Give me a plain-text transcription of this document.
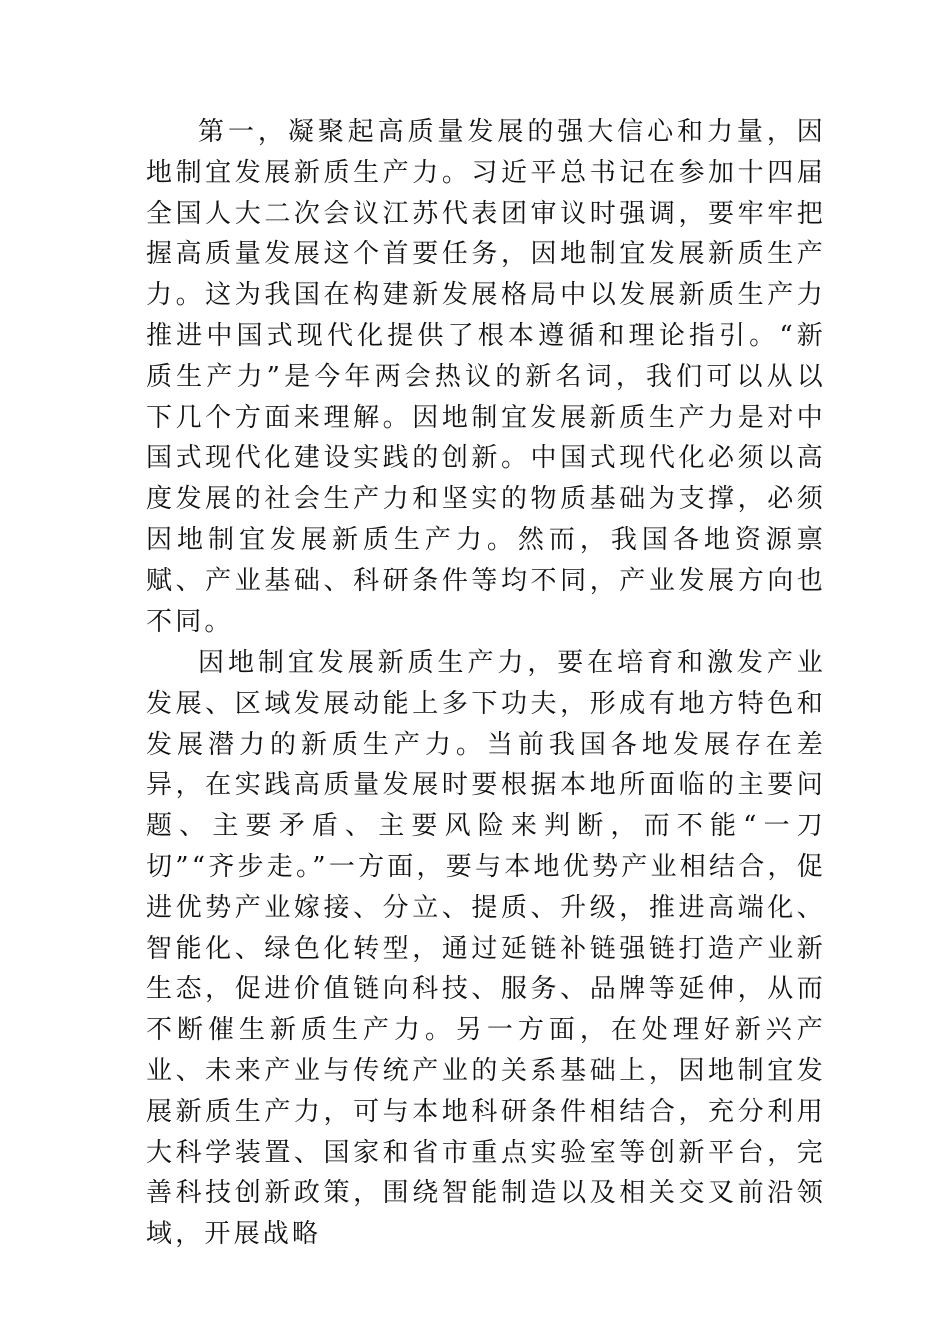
第一，凝聚起高质量发展的强大信心和力量，因地制宜发展新质生产力。习近平总书记在参加十四届全国人大二次会议江苏代表团审议时强调，要牢牢把握高质量发展这个首要任务，因地制宜发展新质生产力。这为我国在构建新发展格局中以发展新质生产力推进中国式现代化提供了根本遵循和理论指引。“新质生产力”是今年两会热议的新名词，我们可以从以下几个方面来理解。因地制宜发展新质生产力是对中国式现代化建设实践的创新。中国式现代化必须以高度发展的社会生产力和坚实的物质基础为支撑，必须因地制宜发展新质生产力。然而，我国各地资源禀赋、产业基础、科研条件等均不同，产业发展方向也不同。

因地制宜发展新质生产力，要在培育和激发产业发展、区域发展动能上多下功夫，形成有地方特色和发展潜力的新质生产力。当前我国各地发展存在差异，在实践高质量发展时要根据本地所面临的主要问题、主要矛盾、主要风险来判断，而不能“一刀切”“齐步走。”一方面，要与本地优势产业相结合，促进优势产业嫁接、分立、提质、升级，推进高端化、智能化、绿色化转型，通过延链补链强链打造产业新生态，促进价值链向科技、服务、品牌等延伸，从而不断催生新质生产力。另一方面，在处理好新兴产业、未来产业与传统产业的关系基础上，因地制宜发展新质生产力，可与本地科研条件相结合，充分利用大科学装置、国家和省市重点实验室等创新平台，完善科技创新政策，围绕智能制造以及相关交叉前沿领域，开展战略
